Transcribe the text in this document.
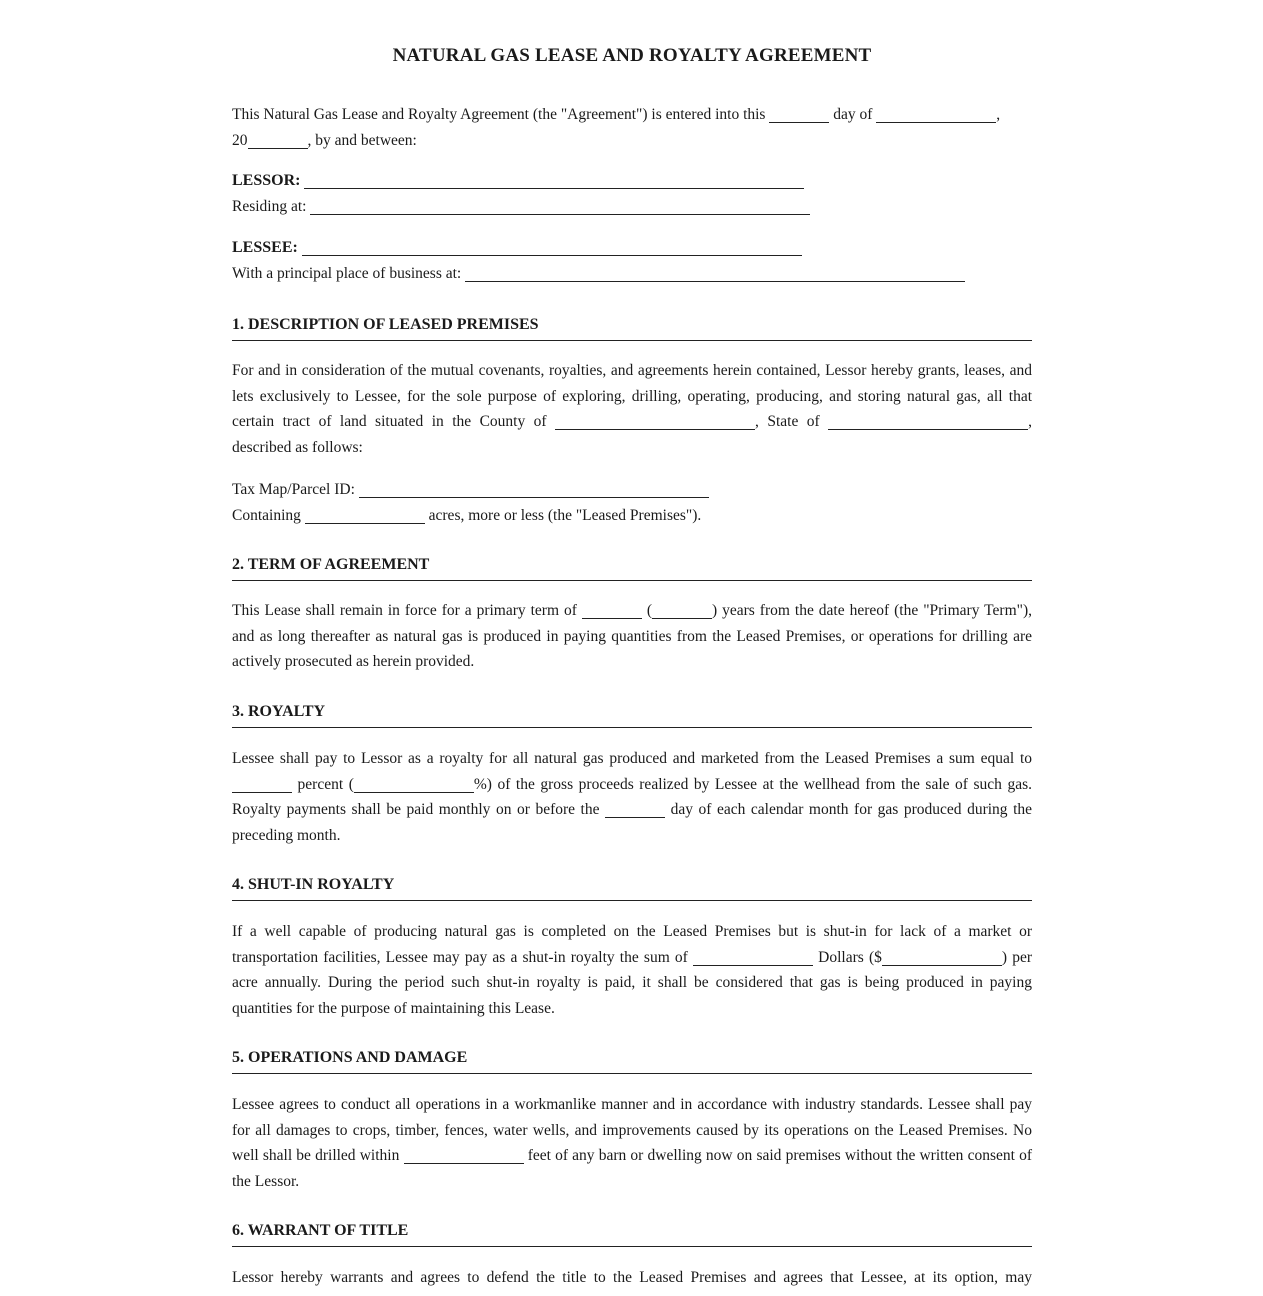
NATURAL GAS LEASE AND ROYALTY AGREEMENT

This Natural Gas Lease and Royalty Agreement (the "Agreement") is entered into this	day of	,
20	, by and between:

LESSOR:
Residing at:
LESSEE:
With a principal place of business at:
1. DESCRIPTION OF LEASED PREMISES

For and in consideration of the mutual covenants, royalties, and agreements herein contained, Lessor hereby grants, leases, and lets exclusively to Lessee, for the sole purpose of exploring, drilling, operating, producing, and storing natural gas, all that certain tract of land situated in the County of	, State of	, described as follows:

Tax Map/Parcel ID:
Containing	acres, more or less (the "Leased Premises").
2. TERM OF AGREEMENT

This Lease shall remain in force for a primary term of	(	) years from the date hereof (the "Primary Term"), and as long thereafter as natural gas is produced in paying quantities from the Leased Premises, or operations for drilling are actively prosecuted as herein provided.

3. ROYALTY

Lessee shall pay to Lessor as a royalty for all natural gas produced and marketed from the Leased Premises a sum equal to  percent (	%) of the gross proceeds realized by Lessee at the wellhead from the sale of such gas. Royalty payments shall be paid monthly on or before the	day of each calendar month for gas produced during the preceding month.

4. SHUT-IN ROYALTY

If a well capable of producing natural gas is completed on the Leased Premises but is shut-in for lack of a market or transportation facilities, Lessee may pay as a shut-in royalty the sum of	Dollars ($	) per acre annually. During the period such shut-in royalty is paid, it shall be considered that gas is being produced in paying quantities for the purpose of maintaining this Lease.

5. OPERATIONS AND DAMAGE

Lessee agrees to conduct all operations in a workmanlike manner and in accordance with industry standards. Lessee shall pay for all damages to crops, timber, fences, water wells, and improvements caused by its operations on the Leased Premises. No well shall be drilled within	feet of any barn or dwelling now on said premises without the written consent of the Lessor.

6. WARRANT OF TITLE

Lessor hereby warrants and agrees to defend the title to the Leased Premises and agrees that Lessee, at its option, may
